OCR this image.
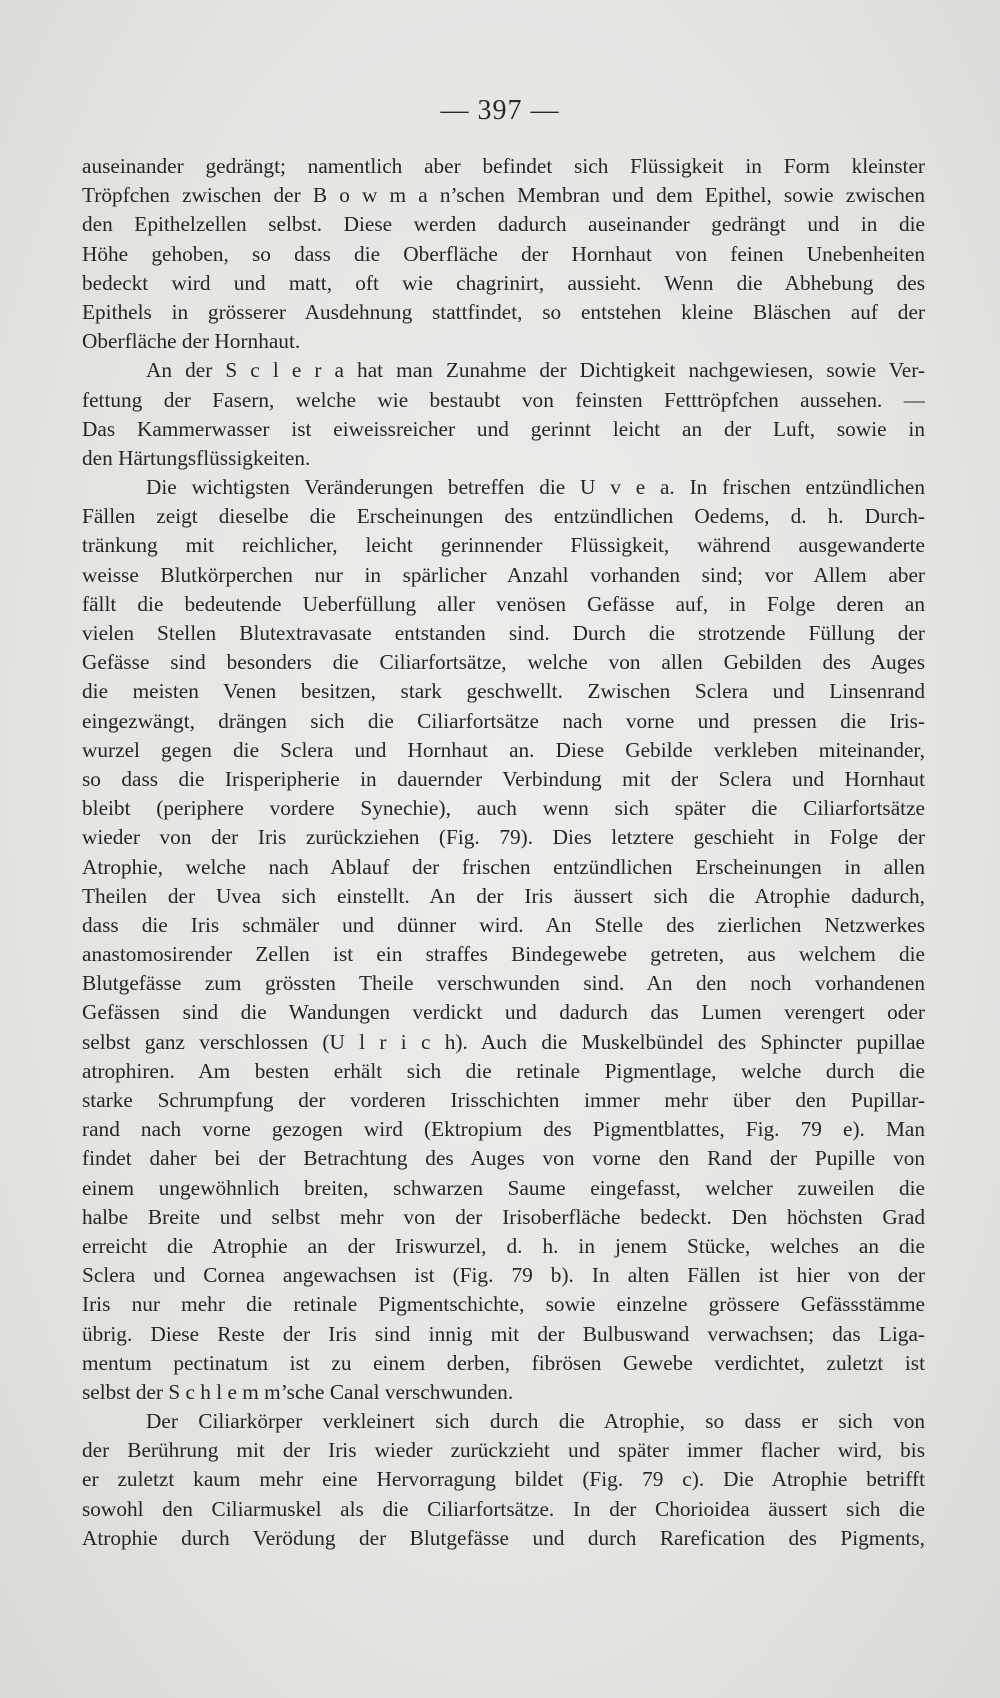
— 397 —
auseinander gedrängt; namentlich aber befindet sich Flüssigkeit in Form kleinster
Tröpfchen zwischen der B o w m a n’schen Membran und dem Epithel, sowie zwischen
den Epithelzellen selbst. Diese werden dadurch auseinander gedrängt und in die
Höhe gehoben, so dass die Oberfläche der Hornhaut von feinen Unebenheiten
bedeckt wird und matt, oft wie chagrinirt, aussieht. Wenn die Abhebung des
Epithels in grösserer Ausdehnung stattfindet, so entstehen kleine Bläschen auf der
Oberfläche der Hornhaut.
An der S c l e r a hat man Zunahme der Dichtigkeit nachgewiesen, sowie Ver-
fettung der Fasern, welche wie bestaubt von feinsten Fetttröpfchen aussehen. —
Das Kammerwasser ist eiweissreicher und gerinnt leicht an der Luft, sowie in
den Härtungsflüssigkeiten.
Die wichtigsten Veränderungen betreffen die U v e a. In frischen entzündlichen
Fällen zeigt dieselbe die Erscheinungen des entzündlichen Oedems, d. h. Durch-
tränkung mit reichlicher, leicht gerinnender Flüssigkeit, während ausgewanderte
weisse Blutkörperchen nur in spärlicher Anzahl vorhanden sind; vor Allem aber
fällt die bedeutende Ueberfüllung aller venösen Gefässe auf, in Folge deren an
vielen Stellen Blutextravasate entstanden sind. Durch die strotzende Füllung der
Gefässe sind besonders die Ciliarfortsätze, welche von allen Gebilden des Auges
die meisten Venen besitzen, stark geschwellt. Zwischen Sclera und Linsenrand
eingezwängt, drängen sich die Ciliarfortsätze nach vorne und pressen die Iris-
wurzel gegen die Sclera und Hornhaut an. Diese Gebilde verkleben miteinander,
so dass die Irisperipherie in dauernder Verbindung mit der Sclera und Hornhaut
bleibt (periphere vordere Synechie), auch wenn sich später die Ciliarfortsätze
wieder von der Iris zurückziehen (Fig. 79). Dies letztere geschieht in Folge der
Atrophie, welche nach Ablauf der frischen entzündlichen Erscheinungen in allen
Theilen der Uvea sich einstellt. An der Iris äussert sich die Atrophie dadurch,
dass die Iris schmäler und dünner wird. An Stelle des zierlichen Netzwerkes
anastomosirender Zellen ist ein straffes Bindegewebe getreten, aus welchem die
Blutgefässe zum grössten Theile verschwunden sind. An den noch vorhandenen
Gefässen sind die Wandungen verdickt und dadurch das Lumen verengert oder
selbst ganz verschlossen (U l r i c h). Auch die Muskelbündel des Sphincter pupillae
atrophiren. Am besten erhält sich die retinale Pigmentlage, welche durch die
starke Schrumpfung der vorderen Irisschichten immer mehr über den Pupillar-
rand nach vorne gezogen wird (Ektropium des Pigmentblattes, Fig. 79 e). Man
findet daher bei der Betrachtung des Auges von vorne den Rand der Pupille von
einem ungewöhnlich breiten, schwarzen Saume eingefasst, welcher zuweilen die
halbe Breite und selbst mehr von der Irisoberfläche bedeckt. Den höchsten Grad
erreicht die Atrophie an der Iriswurzel, d. h. in jenem Stücke, welches an die
Sclera und Cornea angewachsen ist (Fig. 79 b). In alten Fällen ist hier von der
Iris nur mehr die retinale Pigmentschichte, sowie einzelne grössere Gefässstämme
übrig. Diese Reste der Iris sind innig mit der Bulbuswand verwachsen; das Liga-
mentum pectinatum ist zu einem derben, fibrösen Gewebe verdichtet, zuletzt ist
selbst der S c h l e m m’sche Canal verschwunden.
Der Ciliarkörper verkleinert sich durch die Atrophie, so dass er sich von
der Berührung mit der Iris wieder zurückzieht und später immer flacher wird, bis
er zuletzt kaum mehr eine Hervorragung bildet (Fig. 79 c). Die Atrophie betrifft
sowohl den Ciliarmuskel als die Ciliarfortsätze. In der Chorioidea äussert sich die
Atrophie durch Verödung der Blutgefässe und durch Rarefication des Pigments,
